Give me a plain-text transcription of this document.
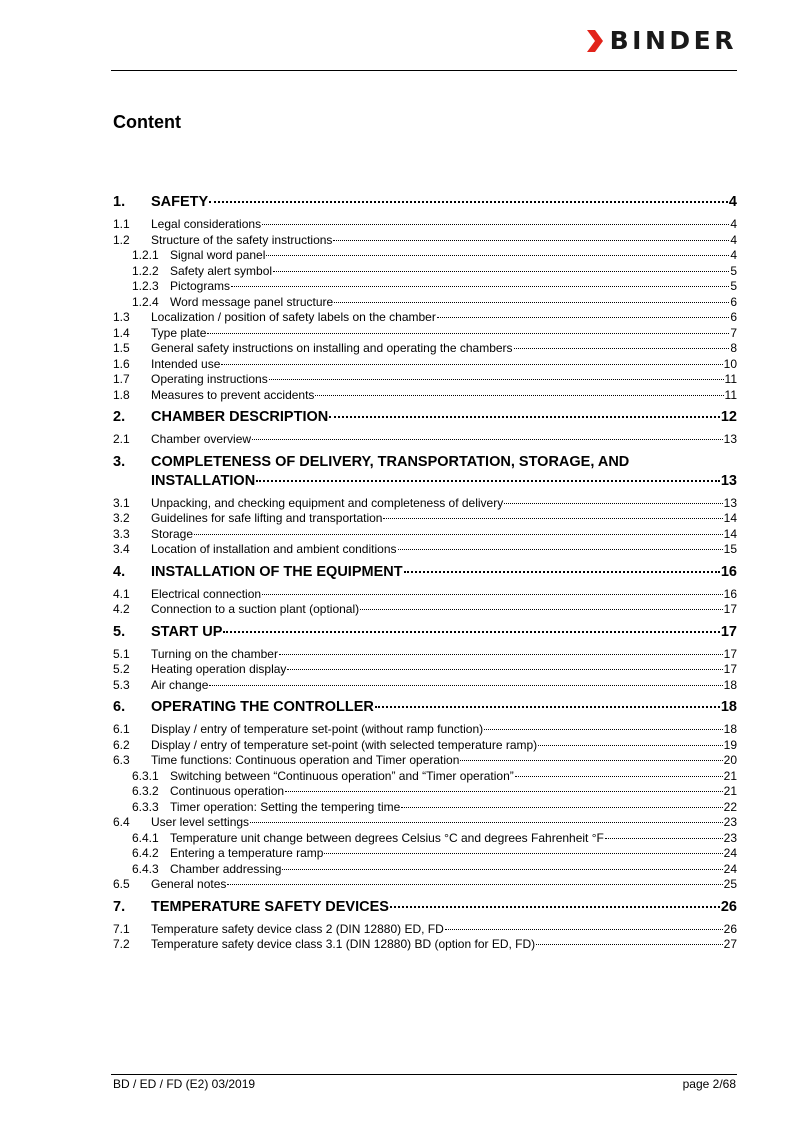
BINDER
Content
1.	SAFETY	4
1.1	Legal considerations	4
1.2	Structure of the safety instructions	4
1.2.1 Signal word panel	4
1.2.2 Safety alert symbol	5
1.2.3 Pictograms	5
1.2.4 Word message panel structure	6
1.3	Localization / position of safety labels on the chamber	6
1.4	Type plate	7
1.5	General safety instructions on installing and operating the chambers	8
1.6	Intended use	10
1.7	Operating instructions	11
1.8	Measures to prevent accidents	11
2.	CHAMBER DESCRIPTION	12
2.1	Chamber overview	13
3.	COMPLETENESS OF DELIVERY, TRANSPORTATION, STORAGE, AND
INSTALLATION	13
3.1	Unpacking, and checking equipment and completeness of delivery	13
3.2	Guidelines for safe lifting and transportation	14
3.3	Storage	14
3.4	Location of installation and ambient conditions	15
4.	INSTALLATION OF THE EQUIPMENT	16
4.1	Electrical connection	16
4.2	Connection to a suction plant (optional)	17
5.	START UP	17
5.1	Turning on the chamber	17
5.2	Heating operation display	17
5.3	Air change	18
6.	OPERATING THE CONTROLLER	18
6.1	Display / entry of temperature set-point (without ramp function)	18
6.2	Display / entry of temperature set-point (with selected temperature ramp)	19
6.3	Time functions: Continuous operation and Timer operation	20
6.3.1 Switching between “Continuous operation” and “Timer operation”	21
6.3.2 Continuous operation	21
6.3.3 Timer operation: Setting the tempering time	22
6.4	User level settings	23
6.4.1 Temperature unit change between degrees Celsius °C and degrees Fahrenheit °F	23
6.4.2 Entering a temperature ramp	24
6.4.3 Chamber addressing	24
6.5	General notes	25
7.	TEMPERATURE SAFETY DEVICES	26
7.1	Temperature safety device class 2 (DIN 12880) ED, FD	26
7.2	Temperature safety device class 3.1 (DIN 12880) BD (option for ED, FD)	27
BD / ED / FD (E2) 03/2019	page 2/68
